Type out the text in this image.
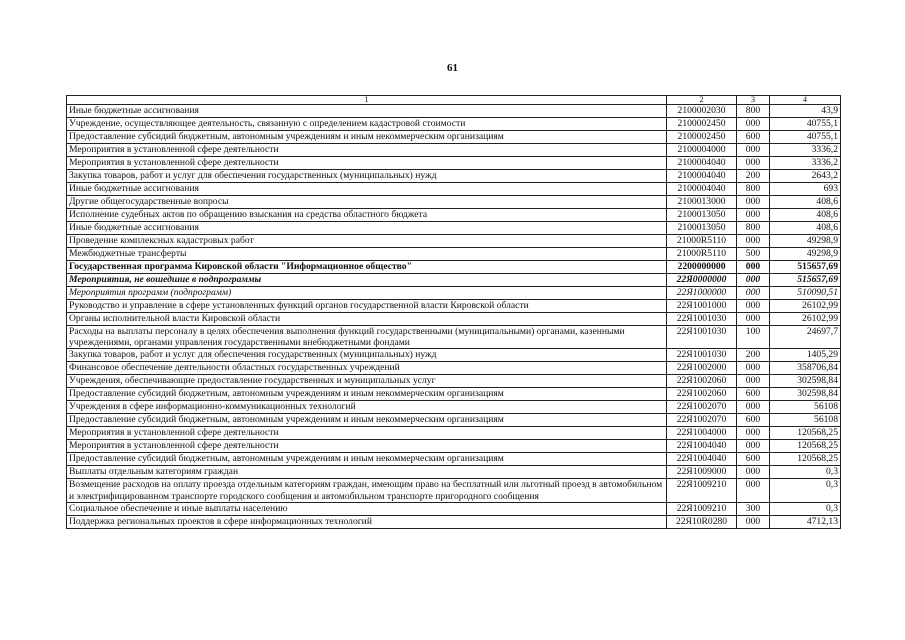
61
1	2	3	4
Иные бюджетные ассигнования	2100002030	800	43,9
Учреждение, осуществляющее деятельность, связанную с определением кадастровой стоимости	2100002450	000	40755,1
Предоставление субсидий бюджетным, автономным учреждениям и иным некоммерческим организациям	2100002450	600	40755,1
Мероприятия в установленной сфере деятельности	2100004000	000	3336,2
Мероприятия в установленной сфере деятельности	2100004040	000	3336,2
Закупка товаров, работ и услуг для обеспечения государственных (муниципальных) нужд	2100004040	200	2643,2
Иные бюджетные ассигнования	2100004040	800	693
Другие общегосударственные вопросы	2100013000	000	408,6
Исполнение судебных актов по обращению взыскания на средства областного бюджета	2100013050	000	408,6
Иные бюджетные ассигнования	2100013050	800	408,6
Проведение комплексных кадастровых работ	21000R5110	000	49298,9
Межбюджетные трансферты	21000R5110	500	49298,9
Государственная программа Кировской области "Информационное общество"	2200000000	000	515657,69
Мероприятия, не вошедшие в подпрограммы	22Я0000000	000	515657,69
Мероприятия программ (подпрограмм)	22Я1000000	000	510090,51
Руководство и управление в сфере установленных функций органов государственной власти Кировской области	22Я1001000	000	26102,99
Органы исполнительной власти Кировской области	22Я1001030	000	26102,99
Расходы на выплаты персоналу в целях обеспечения выполнения функций государственными (муниципальными) органами, казенными учреждениями, органами управления государственными внебюджетными фондами	22Я1001030	100	24697,7
Закупка товаров, работ и услуг для обеспечения государственных (муниципальных) нужд	22Я1001030	200	1405,29
Финансовое обеспечение деятельности областных государственных учреждений	22Я1002000	000	358706,84
Учреждения, обеспечивающие предоставление государственных и муниципальных услуг	22Я1002060	000	302598,84
Предоставление субсидий бюджетным, автономным учреждениям и иным некоммерческим организациям	22Я1002060	600	302598,84
Учреждения в сфере информационно-коммуникационных технологий	22Я1002070	000	56108
Предоставление субсидий бюджетным, автономным учреждениям и иным некоммерческим организациям	22Я1002070	600	56108
Мероприятия в установленной сфере деятельности	22Я1004000	000	120568,25
Мероприятия в установленной сфере деятельности	22Я1004040	000	120568,25
Предоставление субсидий бюджетным, автономным учреждениям и иным некоммерческим организациям	22Я1004040	600	120568,25
Выплаты отдельным категориям граждан	22Я1009000	000	0,3
Возмещение расходов на оплату проезда отдельным категориям граждан, имеющим право на бесплатный или льготный проезд в автомобильном и электрифицированном транспорте городского сообщения и автомобильном транспорте пригородного сообщения	22Я1009210	000	0,3
Социальное обеспечение и иные выплаты населению	22Я1009210	300	0,3
Поддержка региональных проектов в сфере информационных технологий	22Я10R0280	000	4712,13
